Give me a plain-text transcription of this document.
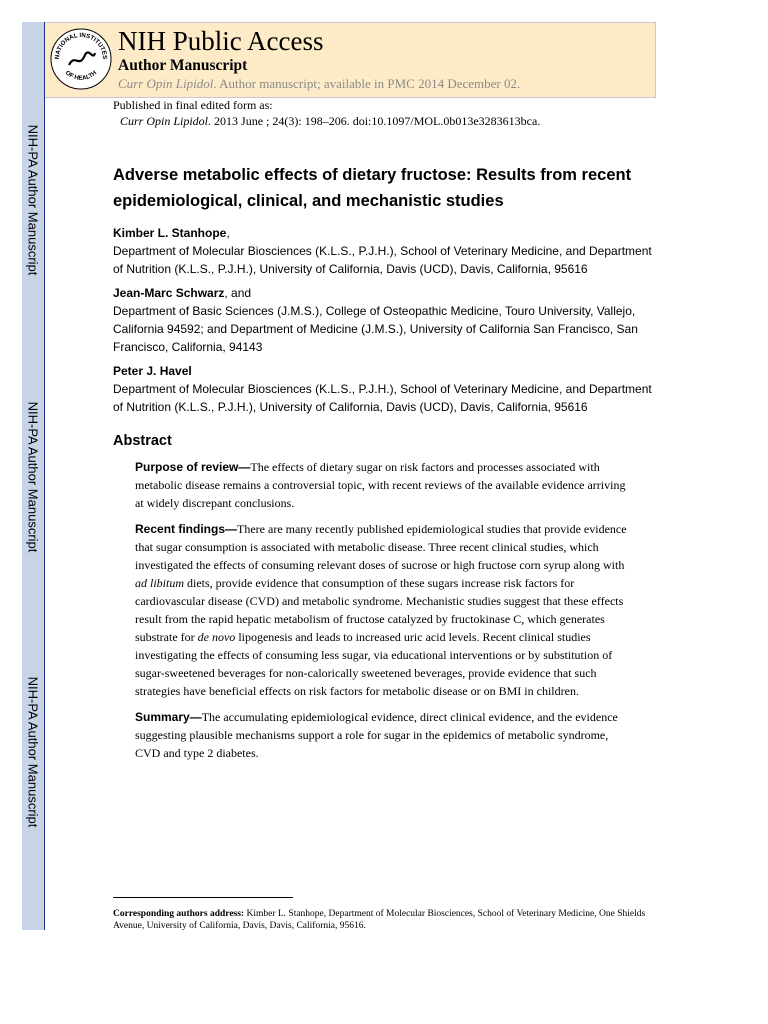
NIH-PA Author Manuscript
NIH-PA Author Manuscript
NIH-PA Author Manuscript
NATIONAL INSTITUTES
OF HEALTH
NIH Public Access
Author Manuscript
Curr Opin Lipidol. Author manuscript; available in PMC 2014 December 02.
Published in final edited form as:
Curr Opin Lipidol. 2013 June ; 24(3): 198–206. doi:10.1097/MOL.0b013e3283613bca.
Adverse metabolic effects of dietary fructose: Results from recent epidemiological, clinical, and mechanistic studies
Kimber L. Stanhope,
Department of Molecular Biosciences (K.L.S., P.J.H.), School of Veterinary Medicine, and Department of Nutrition (K.L.S., P.J.H.), University of California, Davis (UCD), Davis, California, 95616
Jean-Marc Schwarz, and
Department of Basic Sciences (J.M.S.), College of Osteopathic Medicine, Touro University, Vallejo, California 94592; and Department of Medicine (J.M.S.), University of California San Francisco, San Francisco, California, 94143
Peter J. Havel
Department of Molecular Biosciences (K.L.S., P.J.H.), School of Veterinary Medicine, and Department of Nutrition (K.L.S., P.J.H.), University of California, Davis (UCD), Davis, California, 95616
Abstract
Purpose of review—The effects of dietary sugar on risk factors and processes associated with metabolic disease remains a controversial topic, with recent reviews of the available evidence arriving at widely discrepant conclusions.
Recent findings—There are many recently published epidemiological studies that provide evidence that sugar consumption is associated with metabolic disease. Three recent clinical studies, which investigated the effects of consuming relevant doses of sucrose or high fructose corn syrup along with ad libitum diets, provide evidence that consumption of these sugars increase risk factors for cardiovascular disease (CVD) and metabolic syndrome. Mechanistic studies suggest that these effects result from the rapid hepatic metabolism of fructose catalyzed by fructokinase C, which generates substrate for de novo lipogenesis and leads to increased uric acid levels. Recent clinical studies investigating the effects of consuming less sugar, via educational interventions or by substitution of sugar-sweetened beverages for non-calorically sweetened beverages, provide evidence that such strategies have beneficial effects on risk factors for metabolic disease or on BMI in children.
Summary—The accumulating epidemiological evidence, direct clinical evidence, and the evidence suggesting plausible mechanisms support a role for sugar in the epidemics of metabolic syndrome, CVD and type 2 diabetes.
Corresponding authors address: Kimber L. Stanhope, Department of Molecular Biosciences, School of Veterinary Medicine, One Shields Avenue, University of California, Davis, Davis, California, 95616.
